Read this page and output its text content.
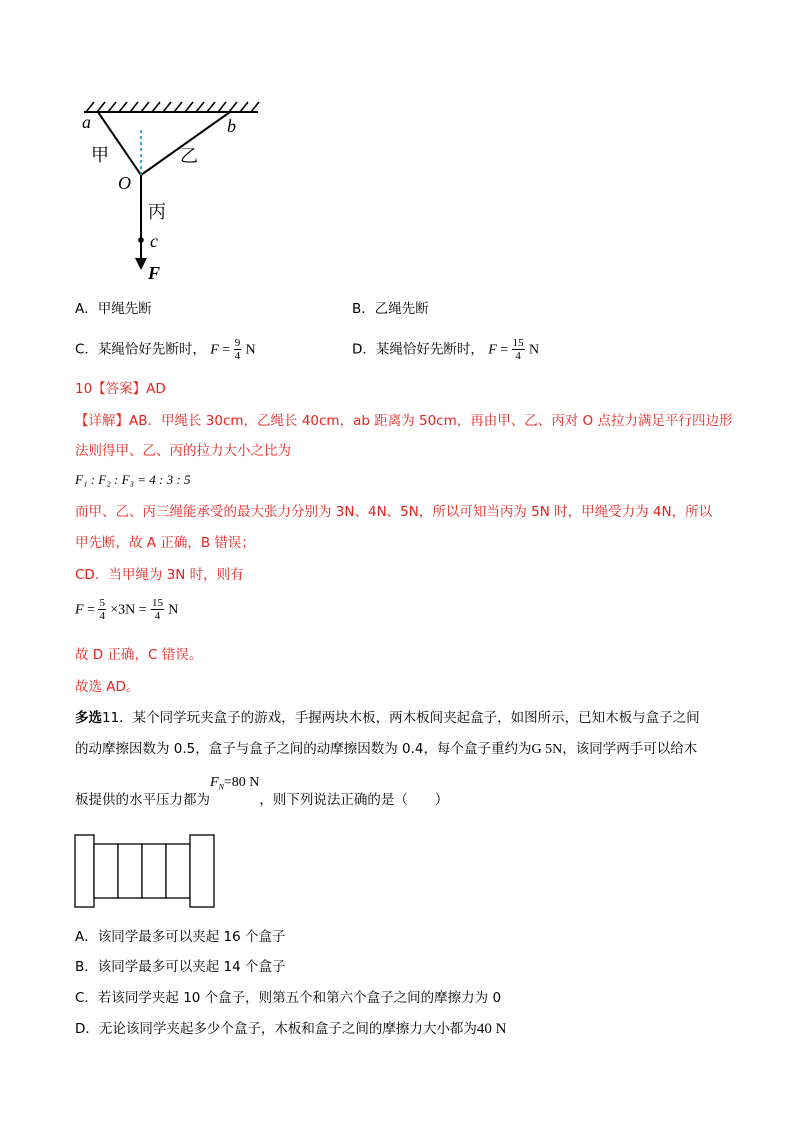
a	b
O
甲	乙
丙
c
F
A．甲绳先断	B．乙绳先断
C．某绳恰好先断时， $F = \frac{9}{4}$ N	D．某绳恰好先断时， $F = \frac{15}{4}$ N
10【答案】AD
【详解】AB．甲绳长 30cm，乙绳长 40cm，ab 距离为 50cm，再由甲、乙、丙对 O 点拉力满足平行四边形
法则得甲、乙、丙的拉力大小之比为
F₁ : F₂ : F₃ = 4 : 3 : 5
而甲、乙、丙三绳能承受的最大张力分别为 3N、4N、5N，所以可知当丙为 5N 时，甲绳受力为 4N，所以
甲先断，故 A 正确，B 错误；
CD．当甲绳为 3N 时，则有
$F = \frac{5}{4} \times 3N = \frac{15}{4}$ N
故 D 正确，C 错误。
故选 AD。
多选11．某个同学玩夹盒子的游戏，手握两块木板，两木板间夹起盒子，如图所示，已知木板与盒子之间
的动摩擦因数为 0.5，盒子与盒子之间的动摩擦因数为 0.4，每个盒子重约为G 5N，该同学两手可以给木
板提供的水平压力都为$F_N=80$ N，则下列说法正确的是（　　）
A．该同学最多可以夹起 16 个盒子
B．该同学最多可以夹起 14 个盒子
C．若该同学夹起 10 个盒子，则第五个和第六个盒子之间的摩擦力为 0
D．无论该同学夹起多少个盒子，木板和盒子之间的摩擦力大小都为40 N
